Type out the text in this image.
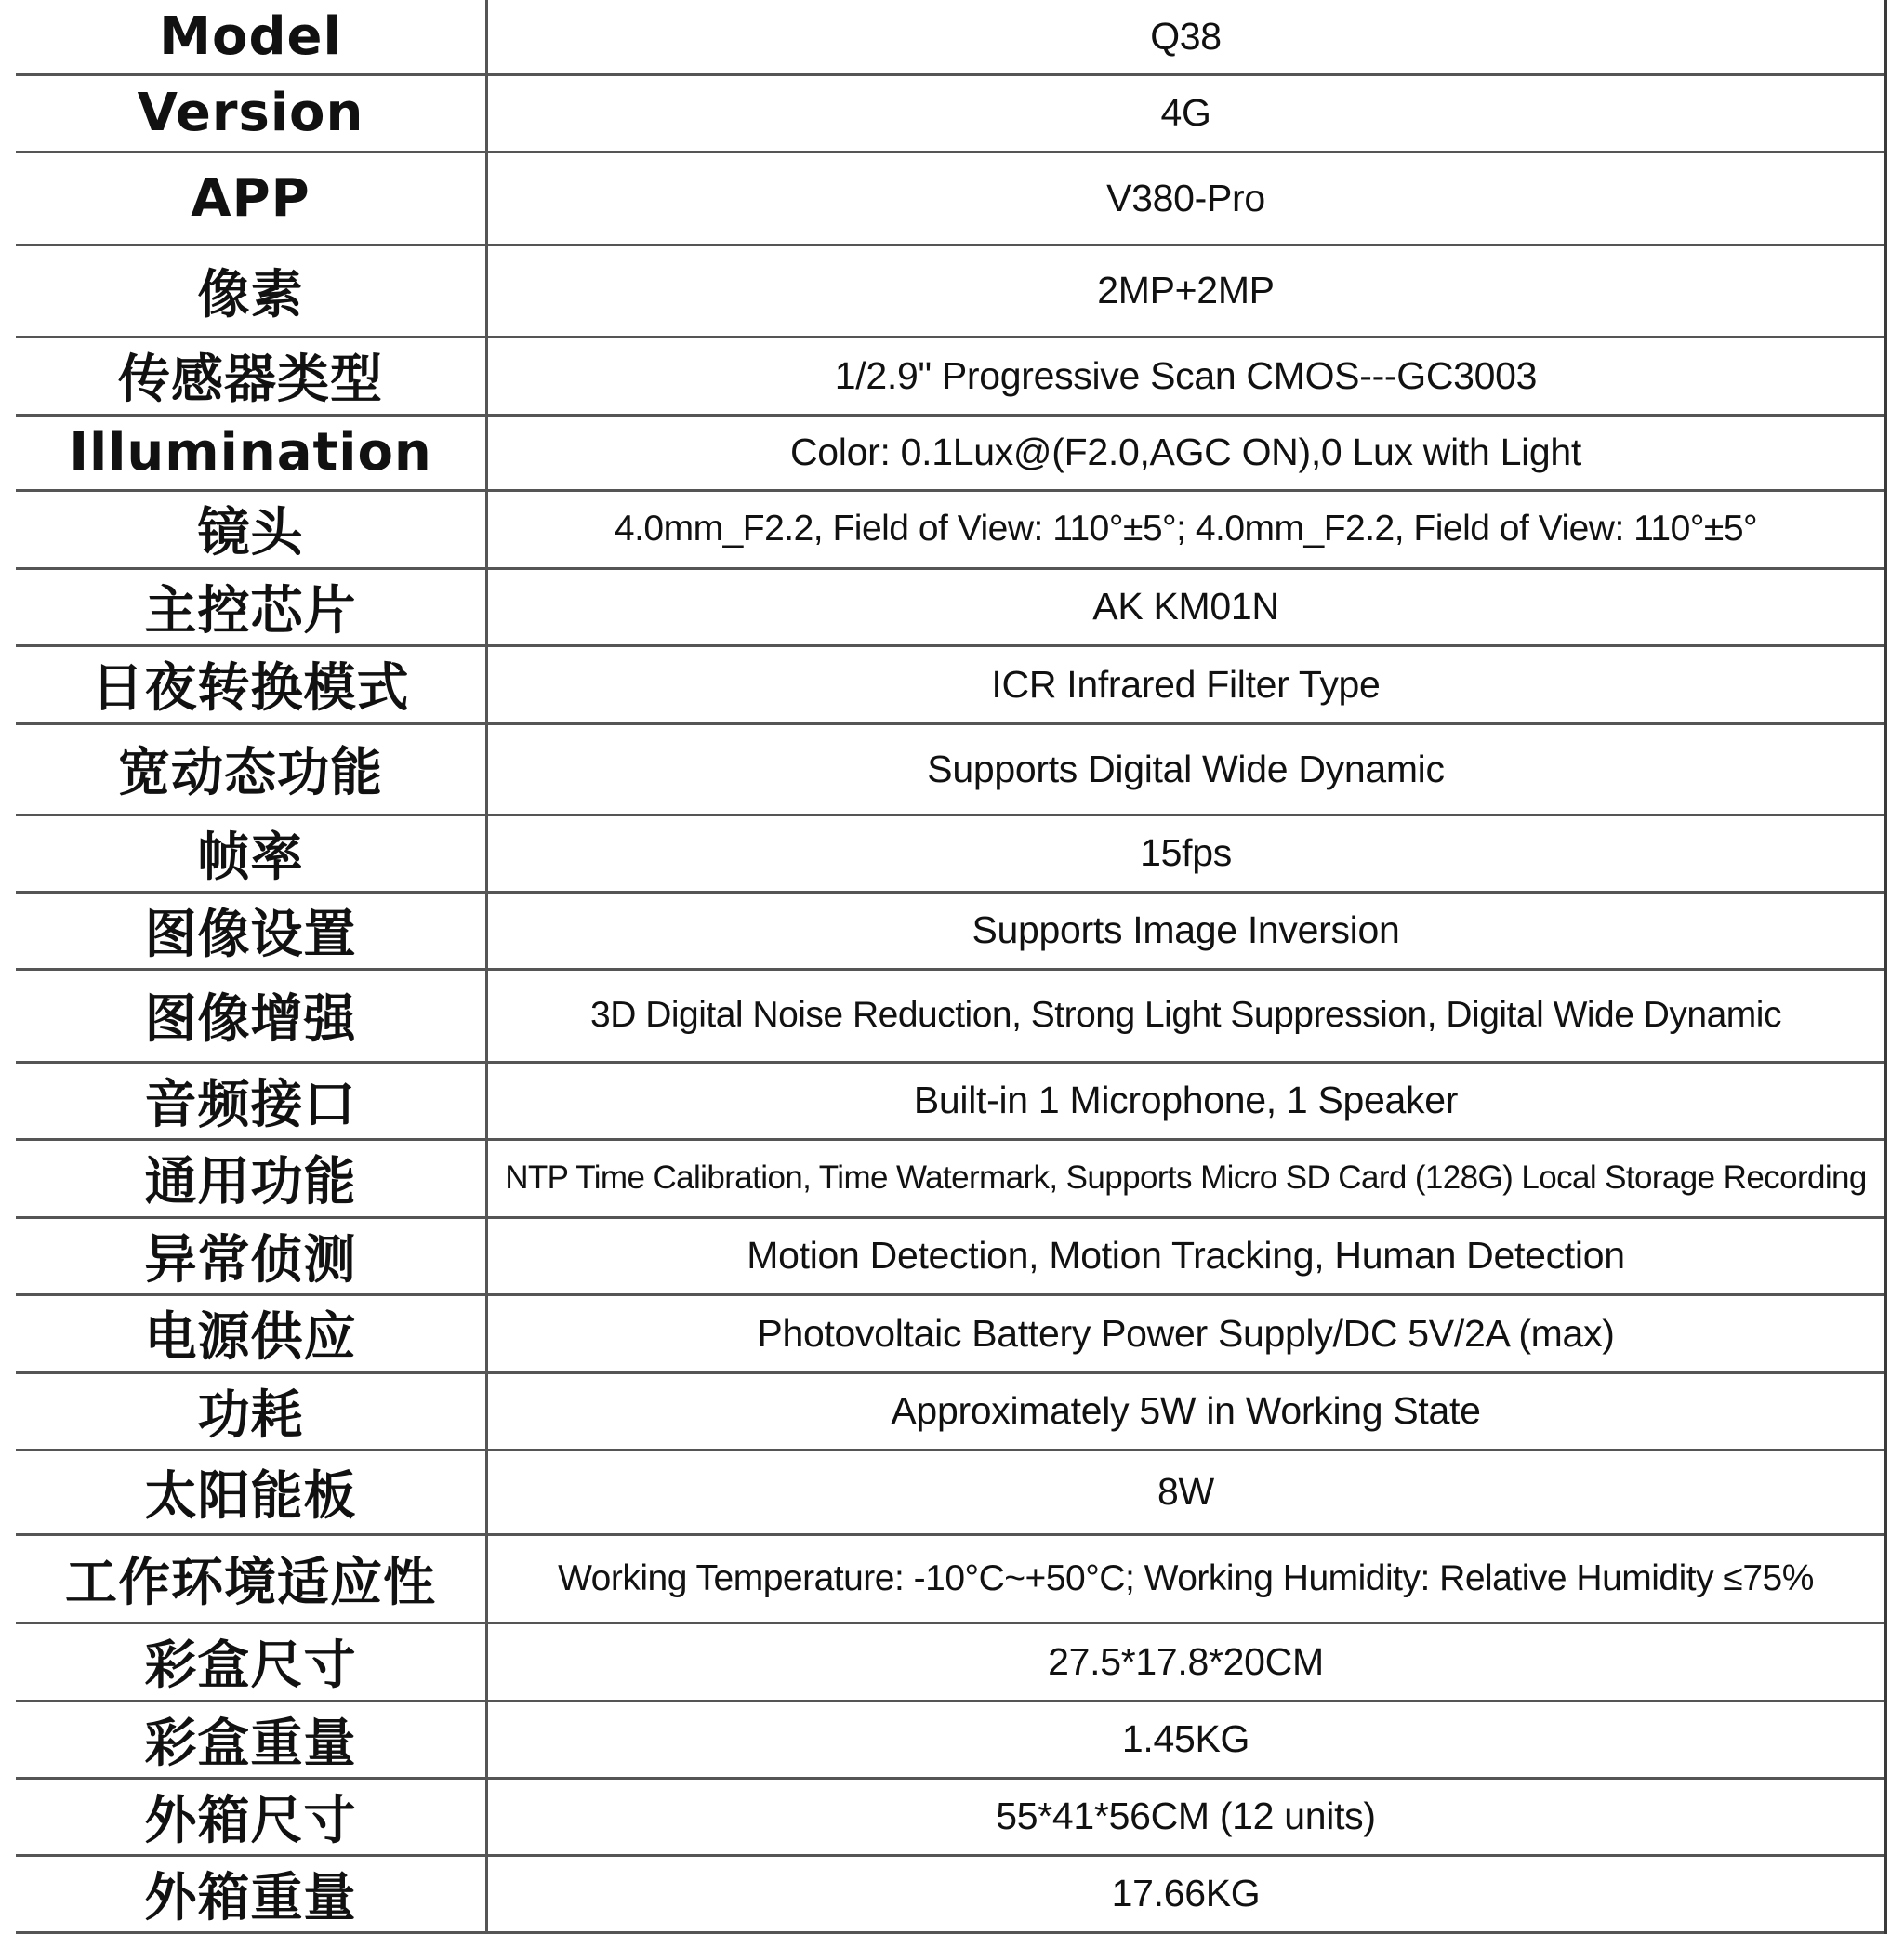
Model	Q38
Version	4G
APP	V380-Pro
像素	2MP+2MP
传感器类型	1/2.9" Progressive Scan CMOS---GC3003
Illumination	Color: 0.1Lux@(F2.0,AGC ON),0 Lux with Light
镜头	4.0mm_F2.2, Field of View: 110°±5°; 4.0mm_F2.2, Field of View: 110°±5°
主控芯片	AK KM01N
日夜转换模式	ICR Infrared Filter Type
宽动态功能	Supports Digital Wide Dynamic
帧率	15fps
图像设置	Supports Image Inversion
图像增强	3D Digital Noise Reduction, Strong Light Suppression, Digital Wide Dynamic
音频接口	Built-in 1 Microphone, 1 Speaker
通用功能	NTP Time Calibration, Time Watermark, Supports Micro SD Card (128G) Local Storage Recording
异常侦测	Motion Detection, Motion Tracking, Human Detection
电源供应	Photovoltaic Battery Power Supply/DC 5V/2A (max)
功耗	Approximately 5W in Working State
太阳能板	8W
工作环境适应性	Working Temperature: -10°C~+50°C; Working Humidity: Relative Humidity ≤75%
彩盒尺寸	27.5*17.8*20CM
彩盒重量	1.45KG
外箱尺寸	55*41*56CM (12 units)
外箱重量	17.66KG
